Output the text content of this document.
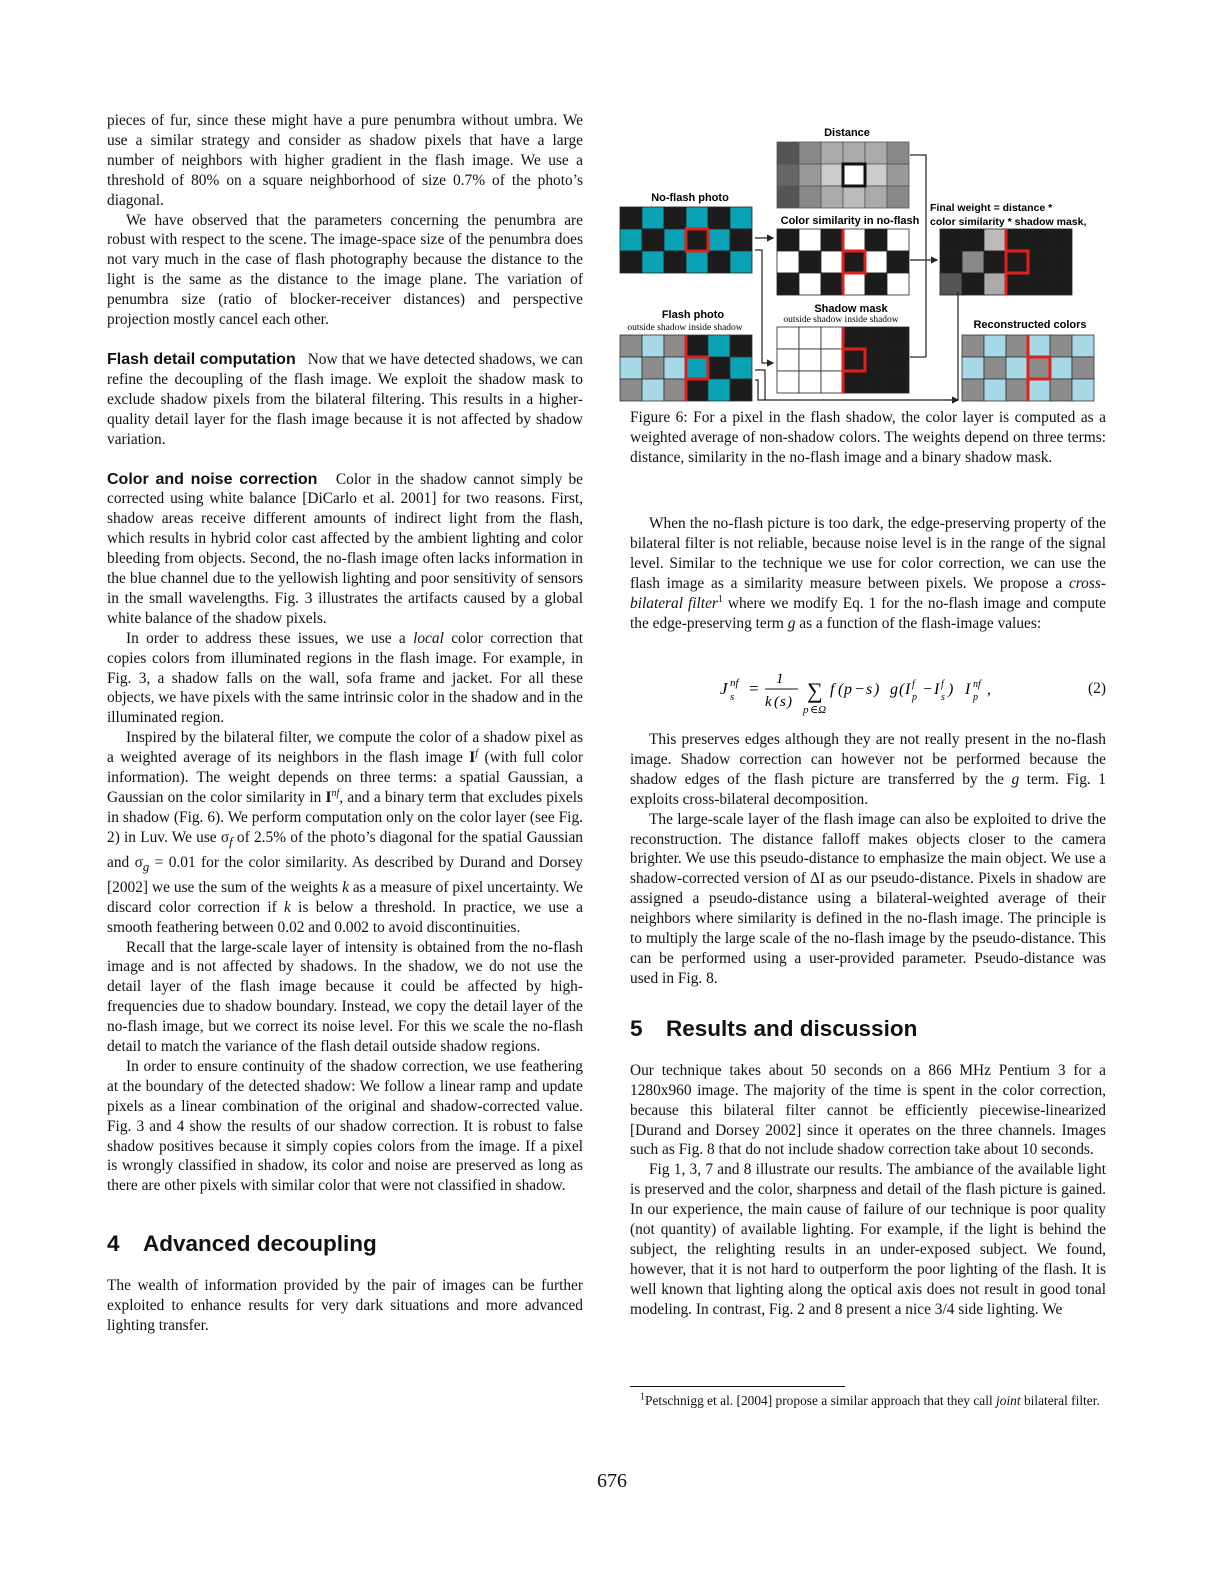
pieces of fur, since these might have a pure penumbra without umbra. We use a similar strategy and consider as shadow pixels that have a large number of neighbors with higher gradient in the flash image. We use a threshold of 80% on a square neighborhood of size 0.7% of the photo’s diagonal.

We have observed that the parameters concerning the penumbra are robust with respect to the scene. The image-space size of the penumbra does not vary much in the case of flash photography because the distance to the light is the same as the distance to the image plane. The variation of penumbra size (ratio of blocker-receiver distances) and perspective projection mostly cancel each other.

Flash detail computation Now that we have detected shadows, we can refine the decoupling of the flash image. We exploit the shadow mask to exclude shadow pixels from the bilateral filtering. This results in a higher-quality detail layer for the flash image because it is not affected by shadow variation.

Color and noise correction Color in the shadow cannot simply be corrected using white balance [DiCarlo et al. 2001] for two reasons. First, shadow areas receive different amounts of indirect light from the flash, which results in hybrid color cast affected by the ambient lighting and color bleeding from objects. Second, the no-flash image often lacks information in the blue channel due to the yellowish lighting and poor sensitivity of sensors in the small wavelengths. Fig. 3 illustrates the artifacts caused by a global white balance of the shadow pixels.

In order to address these issues, we use a local color correction that copies colors from illuminated regions in the flash image. For example, in Fig. 3, a shadow falls on the wall, sofa frame and jacket. For all these objects, we have pixels with the same intrinsic color in the shadow and in the illuminated region.

Inspired by the bilateral filter, we compute the color of a shadow pixel as a weighted average of its neighbors in the flash image $I^f$ (with full color information). The weight depends on three terms: a spatial Gaussian, a Gaussian on the color similarity in $I^{nf}$, and a binary term that excludes pixels in shadow (Fig. 6). We perform computation only on the color layer (see Fig. 2) in Luv. We use $\sigma_f$ of 2.5% of the photo’s diagonal for the spatial Gaussian and $\sigma_g = 0.01$ for the color similarity. As described by Durand and Dorsey [2002] we use the sum of the weights k as a measure of pixel uncertainty. We discard color correction if k is below a threshold. In practice, we use a smooth feathering between 0.02 and 0.002 to avoid discontinuities.

Recall that the large-scale layer of intensity is obtained from the no-flash image and is not affected by shadows. In the shadow, we do not use the detail layer of the flash image because it could be affected by high-frequencies due to shadow boundary. Instead, we copy the detail layer of the no-flash image, but we correct its noise level. For this we scale the no-flash detail to match the variance of the flash detail outside shadow regions.

In order to ensure continuity of the shadow correction, we use feathering at the boundary of the detected shadow: We follow a linear ramp and update pixels as a linear combination of the original and shadow-corrected value. Fig. 3 and 4 show the results of our shadow correction. It is robust to false shadow positives because it simply copies colors from the image. If a pixel is wrongly classified in shadow, its color and noise are preserved as long as there are other pixels with similar color that were not classified in shadow.

4 Advanced decoupling

The wealth of information provided by the pair of images can be further exploited to enhance results for very dark situations and more advanced lighting transfer.

Distance
No-flash photo
Color similarity in no-flash
Final weight = distance *
color similarity * shadow mask,
Flash photo
outside shadow inside shadow
Shadow mask
outside shadow inside shadow	Reconstructed colors
Figure 6: For a pixel in the flash shadow, the color layer is computed as a weighted average of non-shadow colors. The weights depend on three terms: distance, similarity in the no-flash image and a binary shadow mask.

When the no-flash picture is too dark, the edge-preserving property of the bilateral filter is not reliable, because noise level is in the range of the signal level. Similar to the technique we use for color correction, we can use the flash image as a similarity measure between pixels. We propose a cross-bilateral filter$^1$ where we modify Eq. 1 for the no-flash image and compute the edge-preserving term g as a function of the flash-image values:

J nf
s = 1
k ( s ) ∑
p ∈Ω
f ( p − s ) g ( I f
p − I f
s ) I nf
p ,	(2)

This preserves edges although they are not really present in the no-flash image. Shadow correction can however not be performed because the shadow edges of the flash picture are transferred by the g term. Fig. 1 exploits cross-bilateral decomposition.

The large-scale layer of the flash image can also be exploited to drive the reconstruction. The distance falloff makes objects closer to the camera brighter. We use this pseudo-distance to emphasize the main object. We use a shadow-corrected version of ΔI as our pseudo-distance. Pixels in shadow are assigned a pseudo-distance using a bilateral-weighted average of their neighbors where similarity is defined in the no-flash image. The principle is to multiply the large scale of the no-flash image by the pseudo-distance. This can be performed using a user-provided parameter. Pseudo-distance was used in Fig. 8.

5 Results and discussion

Our technique takes about 50 seconds on a 866 MHz Pentium 3 for a 1280x960 image. The majority of the time is spent in the color correction, because this bilateral filter cannot be efficiently piecewise-linearized [Durand and Dorsey 2002] since it operates on the three channels. Images such as Fig. 8 that do not include shadow correction take about 10 seconds.

Fig 1, 3, 7 and 8 illustrate our results. The ambiance of the available light is preserved and the color, sharpness and detail of the flash picture is gained. In our experience, the main cause of failure of our technique is poor quality (not quantity) of available lighting. For example, if the light is behind the subject, the relighting results in an under-exposed subject. We found, however, that it is not hard to outperform the poor lighting of the flash. It is well known that lighting along the optical axis does not result in good tonal modeling. In contrast, Fig. 2 and 8 present a nice 3/4 side lighting. We

$^1$Petschnigg et al. [2004] propose a similar approach that they call joint bilateral filter.
676
